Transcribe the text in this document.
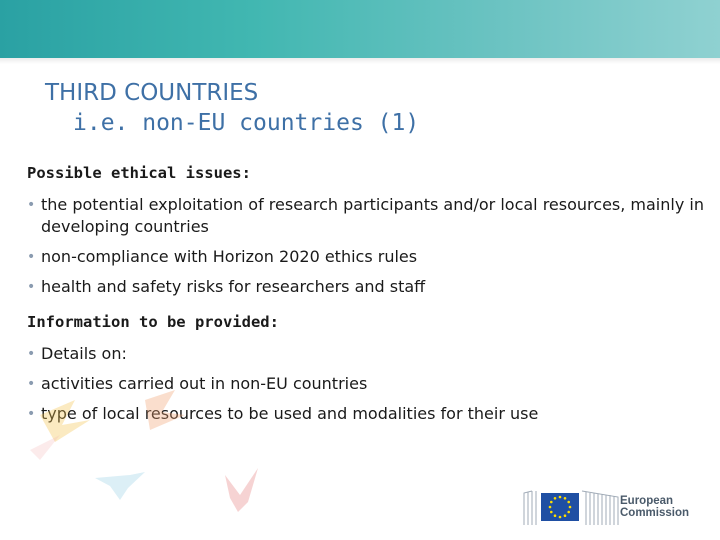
THIRD COUNTRIES
i.e. non-EU countries (1)
Possible ethical issues:
• the potential exploitation of research participants and/or local resources, mainly in developing countries
• non-compliance with Horizon 2020 ethics rules
• health and safety risks for researchers and staff
Information to be provided:
• Details on:
• activities carried out in non-EU countries
• type of local resources to be used and modalities for their use
European
Commission
